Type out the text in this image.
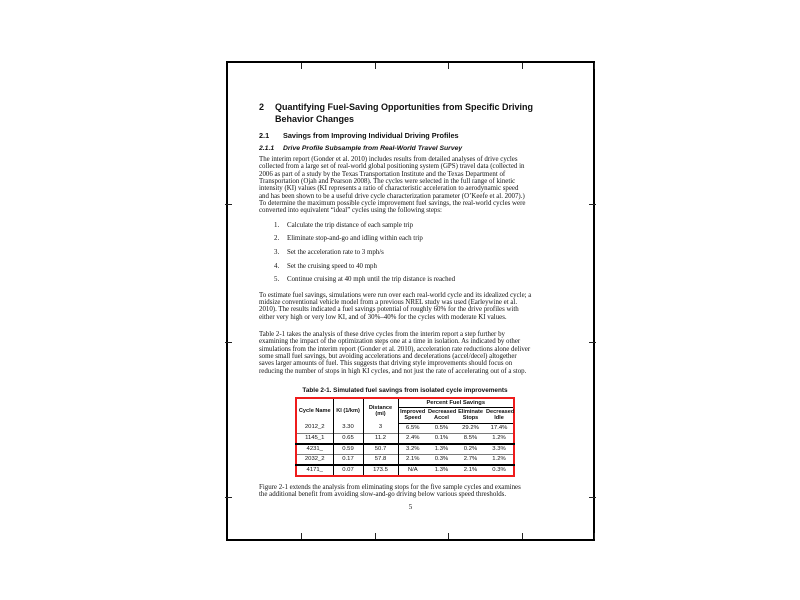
2	Quantifying Fuel-Saving Opportunities from Specific Driving
Behavior Changes
2.1	Savings from Improving Individual Driving Profiles
2.1.1	Drive Profile Subsample from Real-World Travel Survey
The interim report (Gonder et al. 2010) includes results from detailed analyses of drive cycles
collected from a large set of real-world global positioning system (GPS) travel data (collected in
2006 as part of a study by the Texas Transportation Institute and the Texas Department of
Transportation (Ojah and Pearson 2008). The cycles were selected in the full range of kinetic
intensity (KI) values (KI represents a ratio of characteristic acceleration to aerodynamic speed
and has been shown to be a useful drive cycle characterization parameter (O’Keefe et al. 2007).)
To determine the maximum possible cycle improvement fuel savings, the real-world cycles were
converted into equivalent “ideal” cycles using the following steps:
1.	Calculate the trip distance of each sample trip
2.	Eliminate stop-and-go and idling within each trip
3.	Set the acceleration rate to 3 mph/s
4.	Set the cruising speed to 40 mph
5.	Continue cruising at 40 mph until the trip distance is reached
To estimate fuel savings, simulations were run over each real-world cycle and its idealized cycle; a
midsize conventional vehicle model from a previous NREL study was used (Earleywine et al.
2010). The results indicated a fuel savings potential of roughly 60% for the drive profiles with
either very high or very low KI, and of 30%–40% for the cycles with moderate KI values.
Table 2-1 takes the analysis of these drive cycles from the interim report a step further by
examining the impact of the optimization steps one at a time in isolation. As indicated by other
simulations from the interim report (Gonder et al. 2010), acceleration rate reductions alone deliver
some small fuel savings, but avoiding accelerations and decelerations (accel/decel) altogether
saves larger amounts of fuel. This suggests that driving style improvements should focus on
reducing the number of stops in high KI cycles, and not just the rate of accelerating out of a stop.
Table 2-1. Simulated fuel savings from isolated cycle improvements
Cycle Name	KI (1/km)	Distance (mi)	Percent Fuel Savings			
			Improved Speed	Decreased Accel	Eliminate Stops	Decreased Idle
2012_2	3.30	3	6.5%	0.5%	29.2%	17.4%
1145_1	0.65	11.2	2.4%	0.1%	8.5%	1.2%
4231_	0.59	50.7	3.2%	1.3%	0.2%	3.3%
2032_2	0.17	57.8	2.1%	0.3%	2.7%	1.2%
4171_	0.07	173.5	N/A	1.3%	2.1%	0.3%
Figure 2-1 extends the analysis from eliminating stops for the five sample cycles and examines
the additional benefit from avoiding slow-and-go driving below various speed thresholds.
5
